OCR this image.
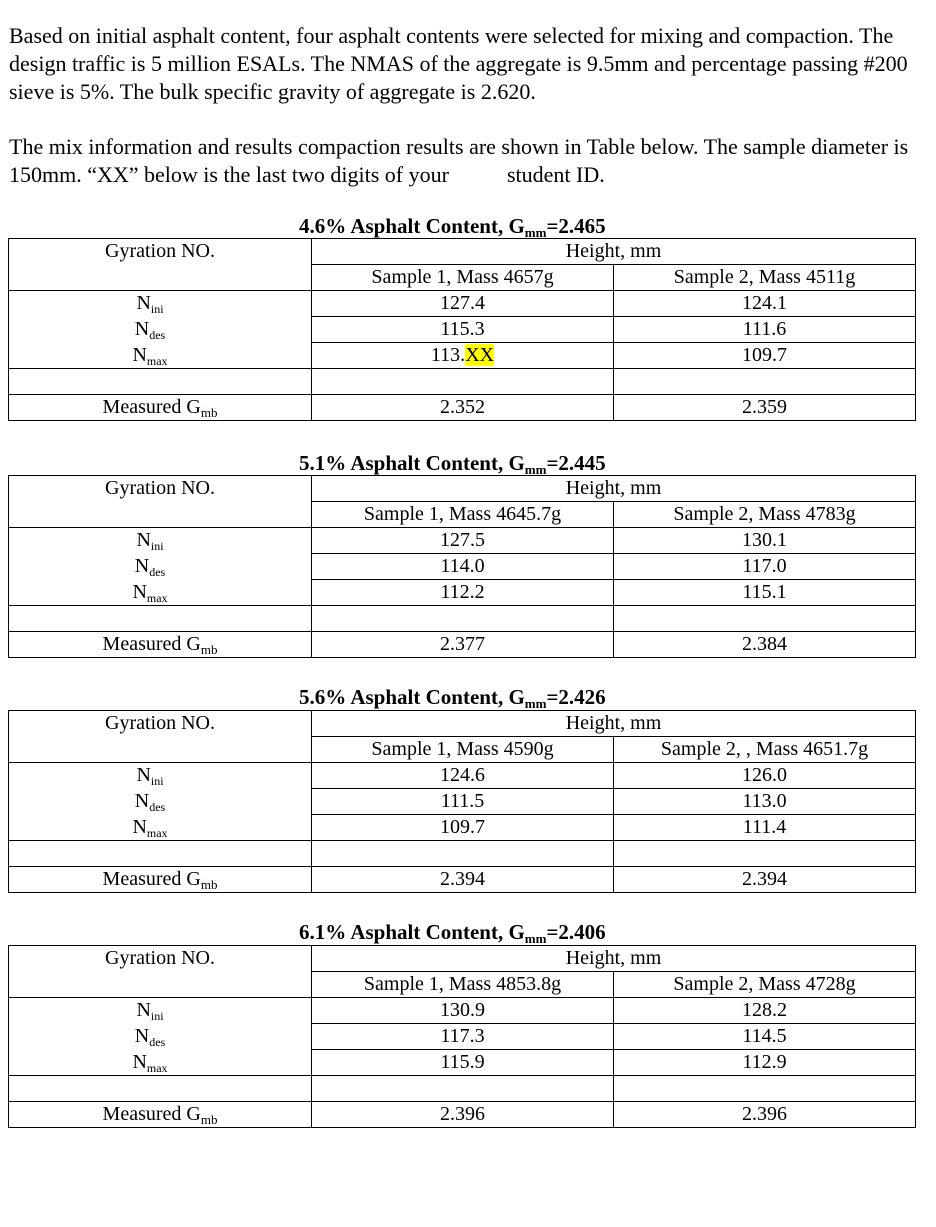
Based on initial asphalt content, four asphalt contents were selected for mixing and compaction. The design traffic is 5 million ESALs. The NMAS of the aggregate is 9.5mm and percentage passing #200 sieve is 5%. The bulk specific gravity of aggregate is 2.620.

The mix information and results compaction results are shown in Table below. The sample diameter is 150mm. “XX” below is the last two digits of your	student ID.

4.6% Asphalt Content, $G_{mm}=2.465$
Gyration NO.	Height, mm	
	Sample 1, Mass 4657g	Sample 2, Mass 4511g
$N_{ini}$	127.4	124.1
$N_{des}$	115.3	111.6
$N_{max}$	113.XX	109.7

Measured $G_{mb}$	2.352	2.359
5.1% Asphalt Content, $G_{mm}=2.445$
Gyration NO.	Height, mm	
	Sample 1, Mass 4645.7g	Sample 2, Mass 4783g
$N_{ini}$	127.5	130.1
$N_{des}$	114.0	117.0
$N_{max}$	112.2	115.1

Measured $G_{mb}$	2.377	2.384
5.6% Asphalt Content, $G_{mm}=2.426$
Gyration NO.	Height, mm	
	Sample 1, Mass 4590g	Sample 2, , Mass 4651.7g
$N_{ini}$	124.6	126.0
$N_{des}$	111.5	113.0
$N_{max}$	109.7	111.4

Measured $G_{mb}$	2.394	2.394
6.1% Asphalt Content, $G_{mm}=2.406$
Gyration NO.	Height, mm	
	Sample 1, Mass 4853.8g	Sample 2, Mass 4728g
$N_{ini}$	130.9	128.2
$N_{des}$	117.3	114.5
$N_{max}$	115.9	112.9

Measured $G_{mb}$	2.396	2.396
